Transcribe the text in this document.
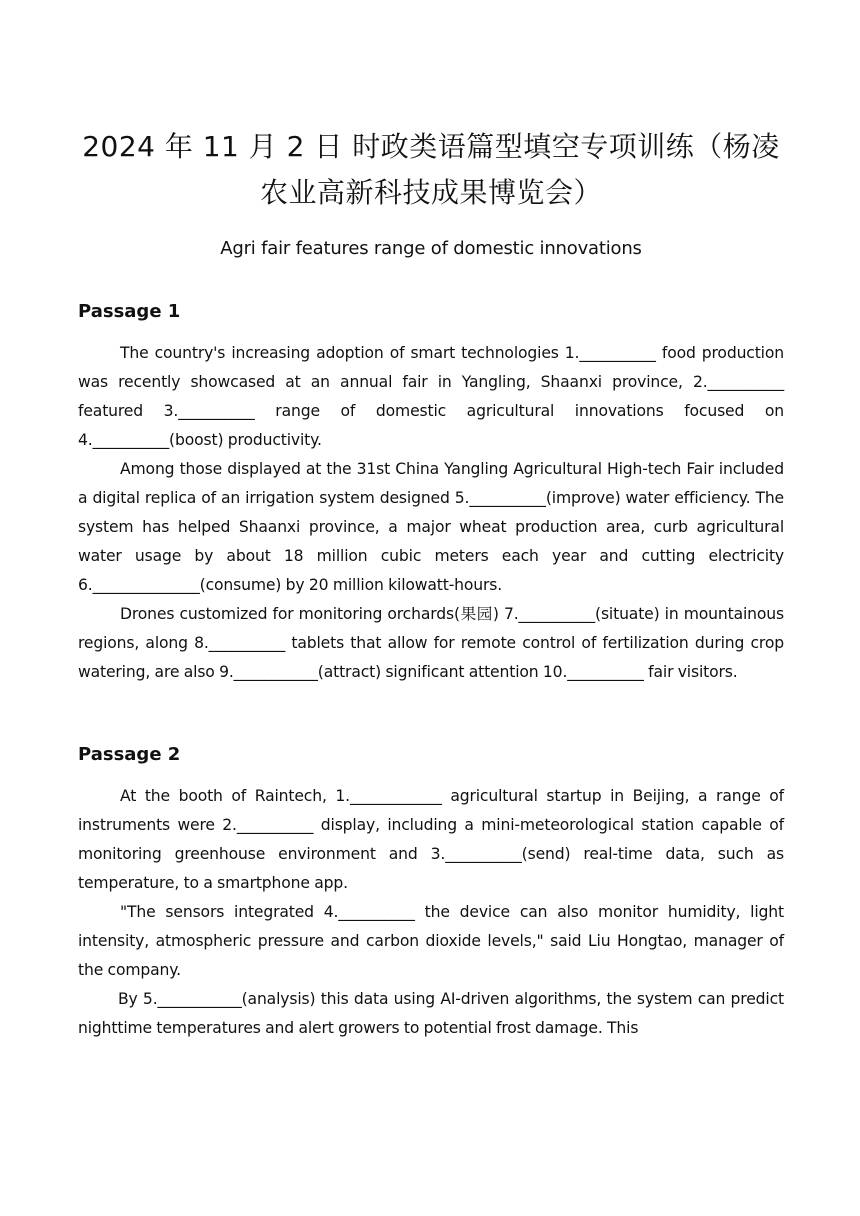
2024 年 11 月 2 日 时政类语篇型填空专项训练（杨凌农业高新科技成果博览会）
Agri fair features range of domestic innovations
Passage 1

The country's increasing adoption of smart technologies 1.__________ food production was recently showcased at an annual fair in Yangling, Shaanxi province, 2.__________ featured 3.__________ range of domestic agricultural innovations focused on 4.__________(boost) productivity.

Among those displayed at the 31st China Yangling Agricultural High-tech Fair included a digital replica of an irrigation system designed 5.__________(improve) water efficiency. The system has helped Shaanxi province, a major wheat production area, curb agricultural water usage by about 18 million cubic meters each year and cutting electricity 6.______________(consume) by 20 million kilowatt-hours.

Drones customized for monitoring orchards(果园) 7.__________(situate) in mountainous regions, along 8.__________ tablets that allow for remote control of fertilization during crop watering, are also 9.___________(attract) significant attention 10.__________ fair visitors.

Passage 2

At the booth of Raintech, 1.____________ agricultural startup in Beijing, a range of instruments were 2.__________ display, including a mini-meteorological station capable of monitoring greenhouse environment and 3.__________(send) real-time data, such as temperature, to a smartphone app.

"The sensors integrated 4.__________ the device can also monitor humidity, light intensity, atmospheric pressure and carbon dioxide levels," said Liu Hongtao, manager of the company.

By 5.___________(analysis) this data using AI-driven algorithms, the system can predict nighttime temperatures and alert growers to potential frost damage. This
